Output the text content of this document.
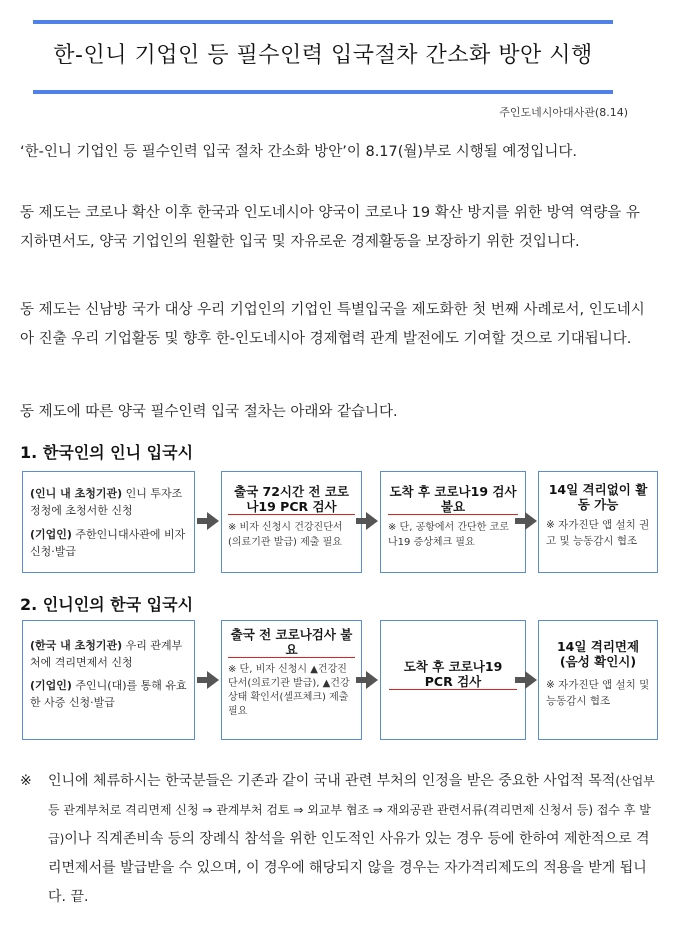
한-인니 기업인 등 필수인력 입국절차 간소화 방안 시행
주인도네시아대사관(8.14)
‘한-인니 기업인 등 필수인력 입국 절차 간소화 방안’이 8.17(월)부로 시행될 예정입니다.
동 제도는 코로나 확산 이후 한국과 인도네시아 양국이 코로나 19 확산 방지를 위한 방역 역량을 유지하면서도, 양국 기업인의 원활한 입국 및 자유로운 경제활동을 보장하기 위한 것입니다.
동 제도는 신남방 국가 대상 우리 기업인의 기업인 특별입국을 제도화한 첫 번째 사례로서, 인도네시아 진출 우리 기업활동 및 향후 한-인도네시아 경제협력 관계 발전에도 기여할 것으로 기대됩니다.
동 제도에 따른 양국 필수인력 입국 절차는 아래와 같습니다.
1. 한국인의 인니 입국시
(인니 내 초청기관) 인니 투자조정청에 초청서한 신청
(기업인) 주한인니대사관에 비자 신청·발급
출국 72시간 전 코로나19 PCR 검사
※ 비자 신청시 건강진단서(의료기관 발급) 제출 필요
도착 후 코로나19 검사 불요
※ 단, 공항에서 간단한 코로나19 증상체크 필요
14일 격리없이 활동 가능
※ 자가진단 앱 설치 권고 및 능동감시 협조
2. 인니인의 한국 입국시
(한국 내 초청기관) 우리 관계부처에 격리면제서 신청
(기업인) 주인니(대)를 통해 유효한 사증 신청·발급
출국 전 코로나검사 불요
※ 단, 비자 신청시 ▲건강진단서(의료기관 발급), ▲건강상태 확인서(셀프체크) 제출 필요
도착 후 코로나19 PCR 검사
14일 격리면제 (음성 확인시)
※ 자가진단 앱 설치 및 능동감시 협조
※ 인니에 체류하시는 한국분들은 기존과 같이 국내 관련 부처의 인정을 받은 중요한 사업적 목적(산업부 등 관계부처로 격리면제 신청 ⇒ 관계부처 검토 ⇒ 외교부 협조 ⇒ 재외공관 관련서류(격리면제 신청서 등) 접수 후 발급)이나 직계존비속 등의 장례식 참석을 위한 인도적인 사유가 있는 경우 등에 한하여 제한적으로 격리면제서를 발급받을 수 있으며, 이 경우에 해당되지 않을 경우는 자가격리제도의 적용을 받게 됩니다. 끝.
